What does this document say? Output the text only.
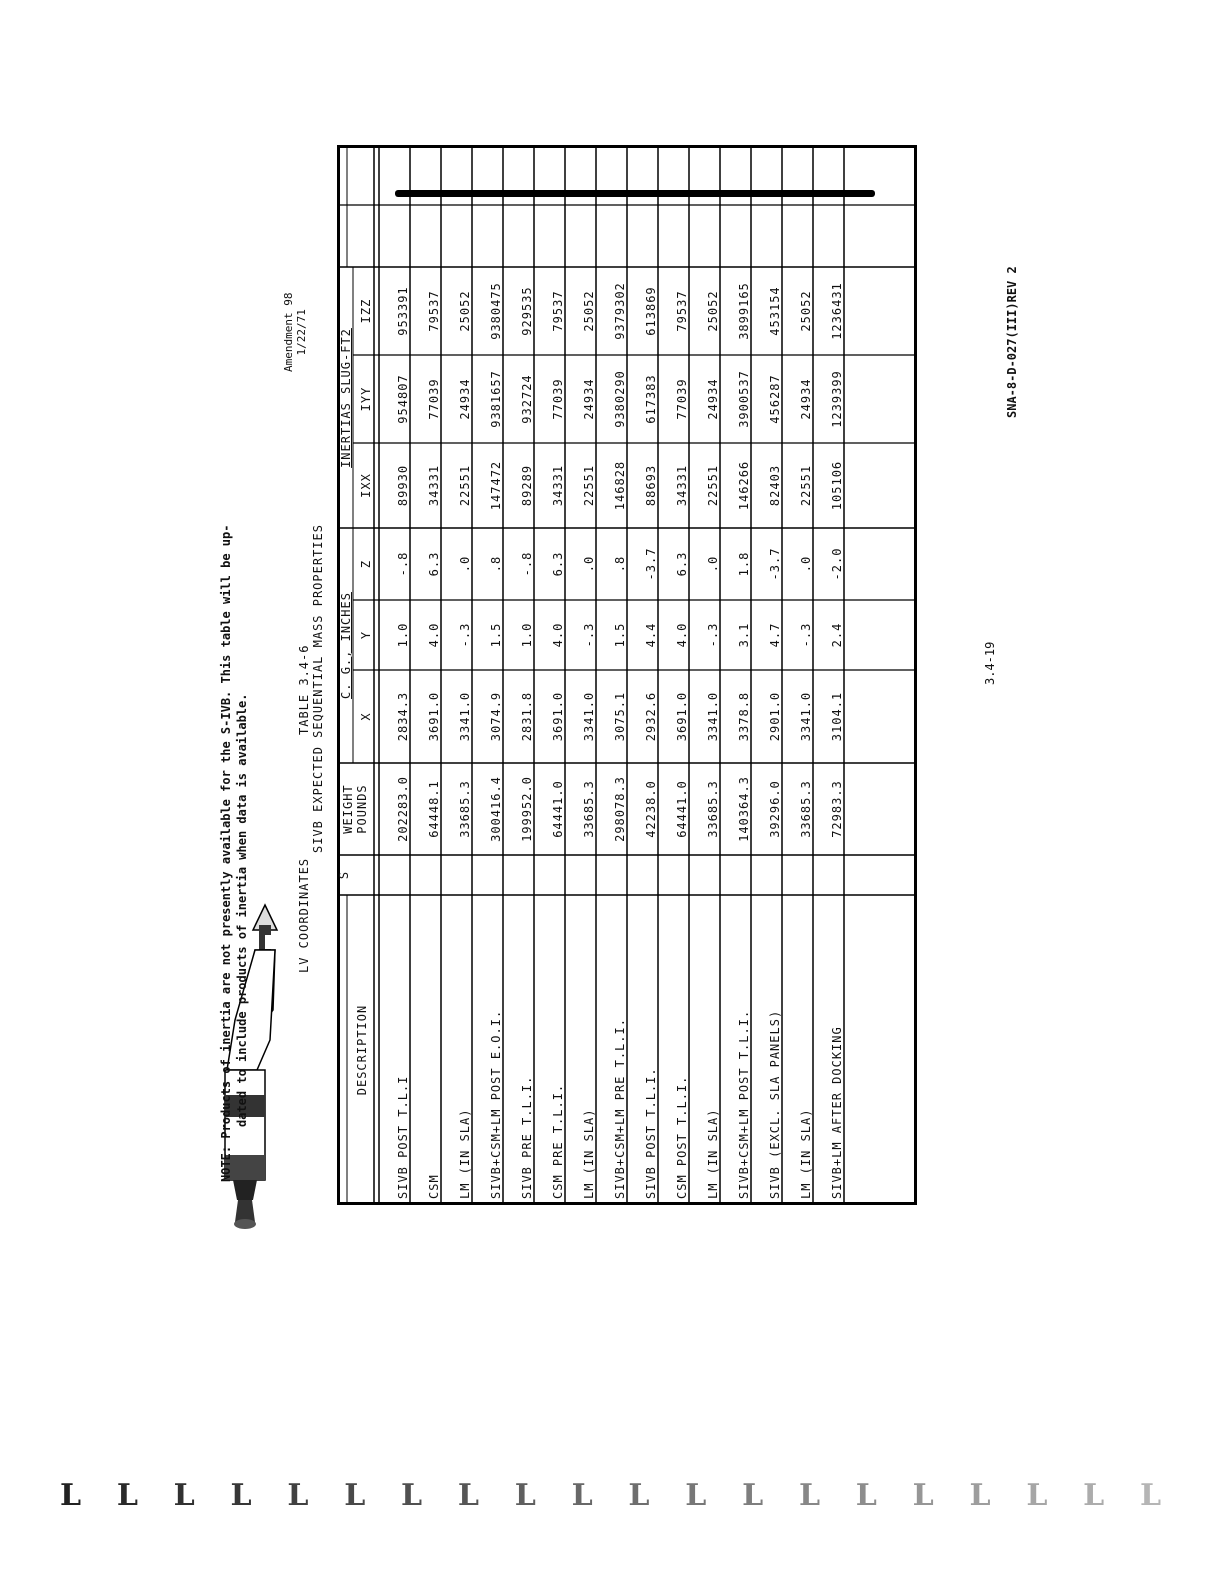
Amendment 98 1/22/71	SNA-8-D-027(III)REV 2
3.4-19
NOTE: Products of inertia are not presently available for the S-IVB. This table will be up- dated to include products of inertia when data is available.	LV COORDINATES
TABLE 3.4-6 SIVB EXPECTED SEQUENTIAL MASS PROPERTIES
DESCRIPTION
S
WEIGHT POUNDS
C. G., INCHES
X
Y
Z
INERTIAS SLUG-FT2
IXX
IYY
IZZ
SIVB POST T.L.I
202283.0
2834.3
1.0
-.8
89930
954807
953391
CSM
64448.1
3691.0
4.0
6.3
34331
77039
79537
LM (IN SLA)
33685.3
3341.0
-.3
.0
22551
24934
25052
SIVB+CSM+LM POST E.O.I.
300416.4
3074.9
1.5
.8
147472
9381657
9380475
SIVB PRE T.L.I.
199952.0
2831.8
1.0
-.8
89289
932724
929535
CSM PRE T.L.I.
64441.0
3691.0
4.0
6.3
34331
77039
79537
LM (IN SLA)
33685.3
3341.0
-.3
.0
22551
24934
25052
SIVB+CSM+LM PRE T.L.I.
298078.3
3075.1
1.5
.8
146828
9380290
9379302
SIVB POST T.L.I.
42238.0
2932.6
4.4
-3.7
88693
617383
613869
CSM POST T.L.I.
64441.0
3691.0
4.0
6.3
34331
77039
79537
LM (IN SLA)
33685.3
3341.0
-.3
.0
22551
24934
25052
SIVB+CSM+LM POST T.L.I.
140364.3
3378.8
3.1
1.8
146266
3900537
3899165
SIVB (EXCL. SLA PANELS)
39296.0
2901.0
4.7
-3.7
82403
456287
453154
LM (IN SLA)
33685.3
3341.0
-.3
.0
22551
24934
25052
SIVB+LM AFTER DOCKING
72983.3
3104.1
2.4
-2.0
105106
1239399
1236431
L L L L L L L L L L L L L L L L L L L L
